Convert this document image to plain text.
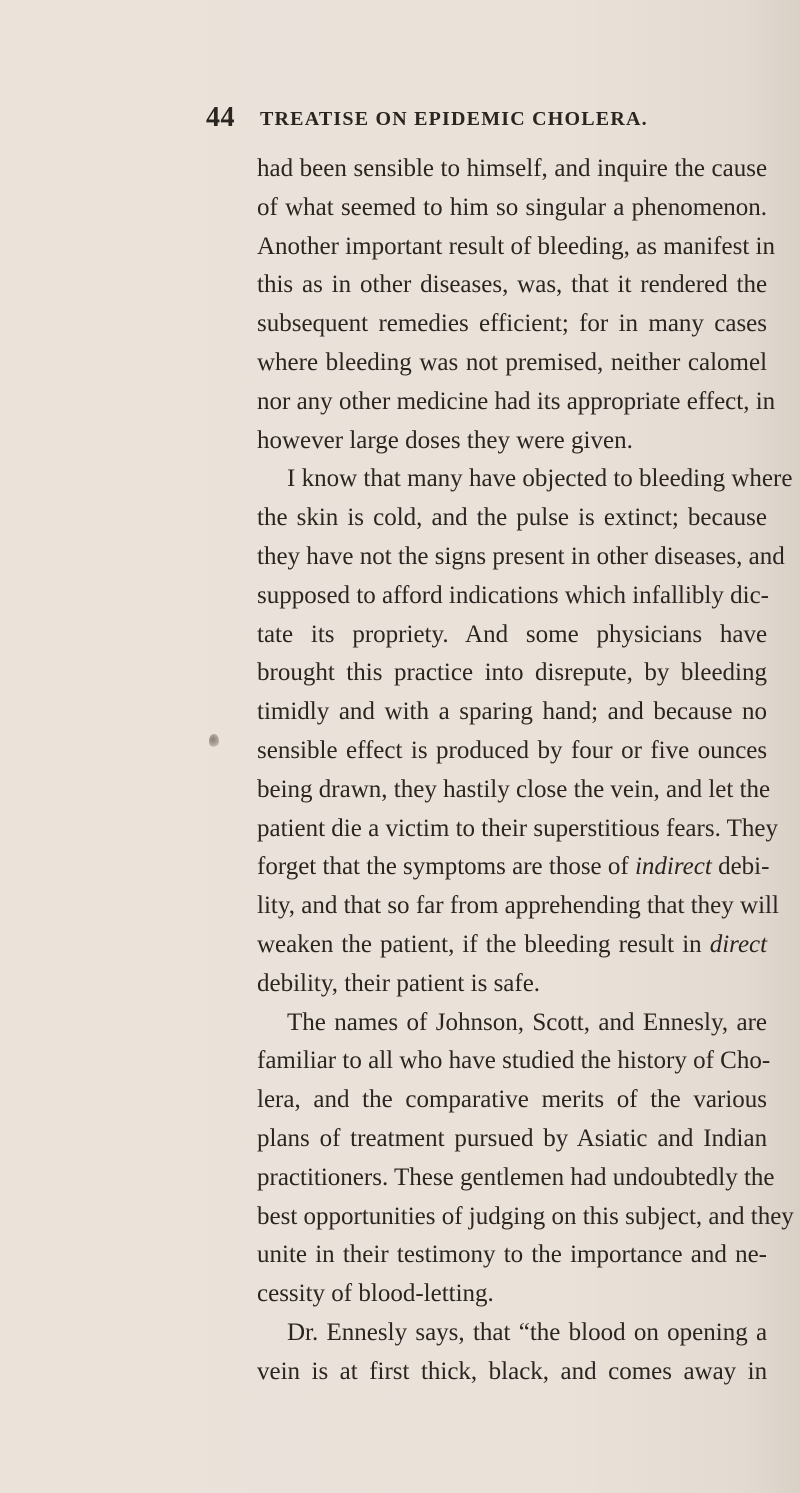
44 TREATISE ON EPIDEMIC CHOLERA.
had been sensible to himself, and inquire the cause
of what seemed to him so singular a phenomenon.
Another important result of bleeding, as manifest in
this as in other diseases, was, that it rendered the
subsequent remedies efficient; for in many cases
where bleeding was not premised, neither calomel
nor any other medicine had its appropriate effect, in
however large doses they were given.
I know that many have objected to bleeding where
the skin is cold, and the pulse is extinct; because
they have not the signs present in other diseases, and
supposed to afford indications which infallibly dic-
tate its propriety. And some physicians have
brought this practice into disrepute, by bleeding
timidly and with a sparing hand; and because no
sensible effect is produced by four or five ounces
being drawn, they hastily close the vein, and let the
patient die a victim to their superstitious fears. They
forget that the symptoms are those of indirect debi-
lity, and that so far from apprehending that they will
weaken the patient, if the bleeding result in direct
debility, their patient is safe.
The names of Johnson, Scott, and Ennesly, are
familiar to all who have studied the history of Cho-
lera, and the comparative merits of the various
plans of treatment pursued by Asiatic and Indian
practitioners. These gentlemen had undoubtedly the
best opportunities of judging on this subject, and they
unite in their testimony to the importance and ne-
cessity of blood-letting.
Dr. Ennesly says, that “the blood on opening a
vein is at first thick, black, and comes away in
